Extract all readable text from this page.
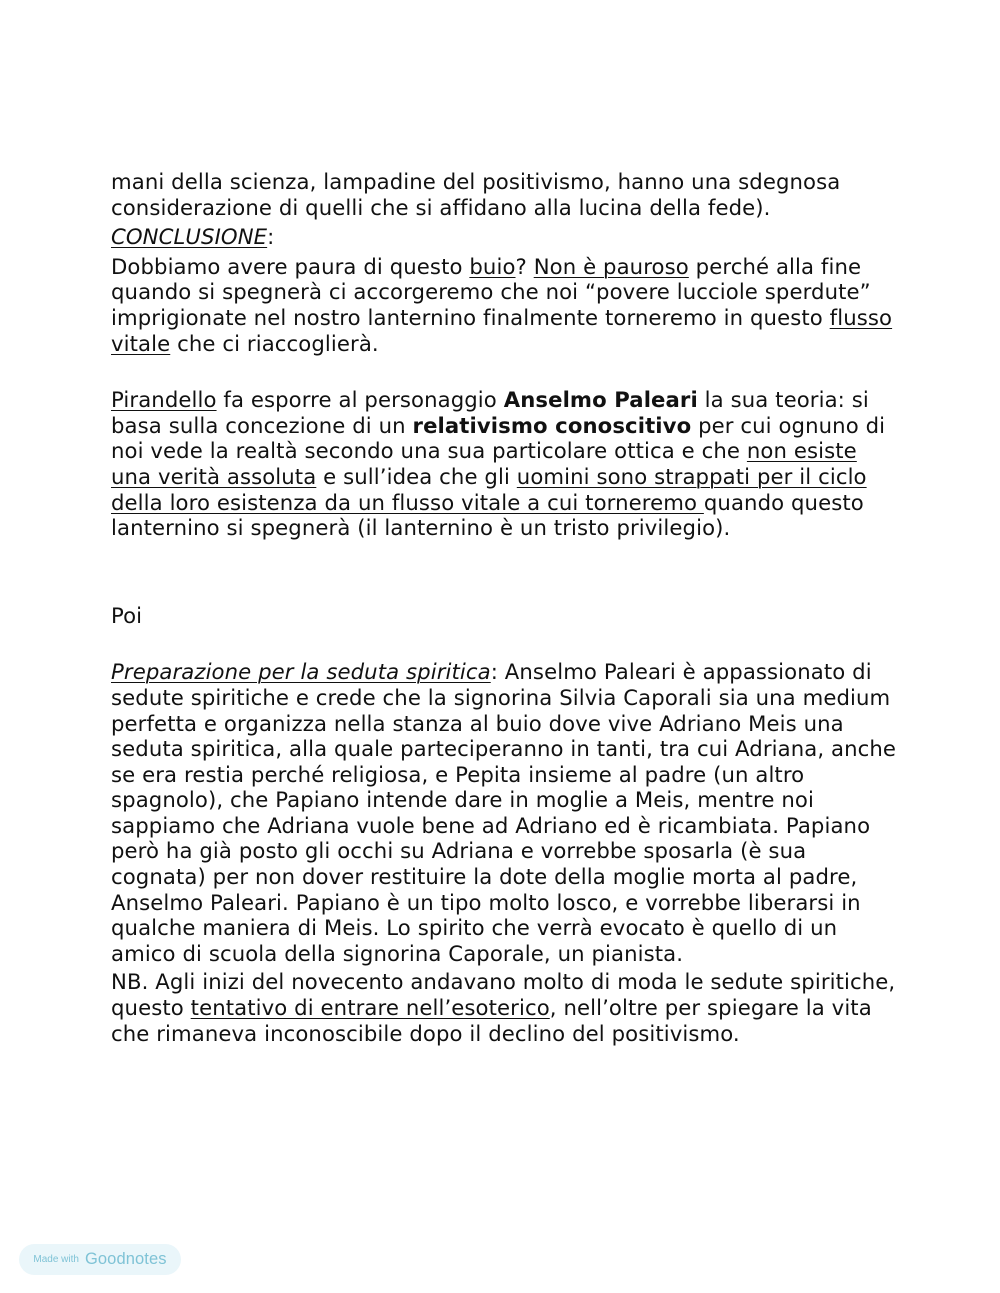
mani della scienza, lampadine del positivismo, hanno una sdegnosa considerazione di quelli che si affidano alla lucina della fede).

CONCLUSIONE:

Dobbiamo avere paura di questo buio? Non è pauroso perché alla fine quando si spegnerà ci accorgeremo che noi “povere lucciole sperdute” imprigionate nel nostro lanternino finalmente torneremo in questo flusso vitale che ci riaccoglierà.

Pirandello fa esporre al personaggio Anselmo Paleari la sua teoria: si basa sulla concezione di un relativismo conoscitivo per cui ognuno di noi vede la realtà secondo una sua particolare ottica e che non esiste una verità assoluta e sull’idea che gli uomini sono strappati per il ciclo della loro esistenza da un flusso vitale a cui torneremo quando questo lanternino si spegnerà (il lanternino è un tristo privilegio).

Poi

Preparazione per la seduta spiritica: Anselmo Paleari è appassionato di sedute spiritiche e crede che la signorina Silvia Caporali sia una medium perfetta e organizza nella stanza al buio dove vive Adriano Meis una seduta spiritica, alla quale parteciperanno in tanti, tra cui Adriana, anche se era restia perché religiosa, e Pepita insieme al padre (un altro spagnolo), che Papiano intende dare in moglie a Meis, mentre noi sappiamo che Adriana vuole bene ad Adriano ed è ricambiata. Papiano però ha già posto gli occhi su Adriana e vorrebbe sposarla (è sua cognata) per non dover restituire la dote della moglie morta al padre, Anselmo Paleari. Papiano è un tipo molto losco, e vorrebbe liberarsi in qualche maniera di Meis. Lo spirito che verrà evocato è quello di un amico di scuola della signorina Caporale, un pianista.

NB. Agli inizi del novecento andavano molto di moda le sedute spiritiche, questo tentativo di entrare nell’esoterico, nell’oltre per spiegare la vita che rimaneva inconoscibile dopo il declino del positivismo.

Made with Goodnotes
